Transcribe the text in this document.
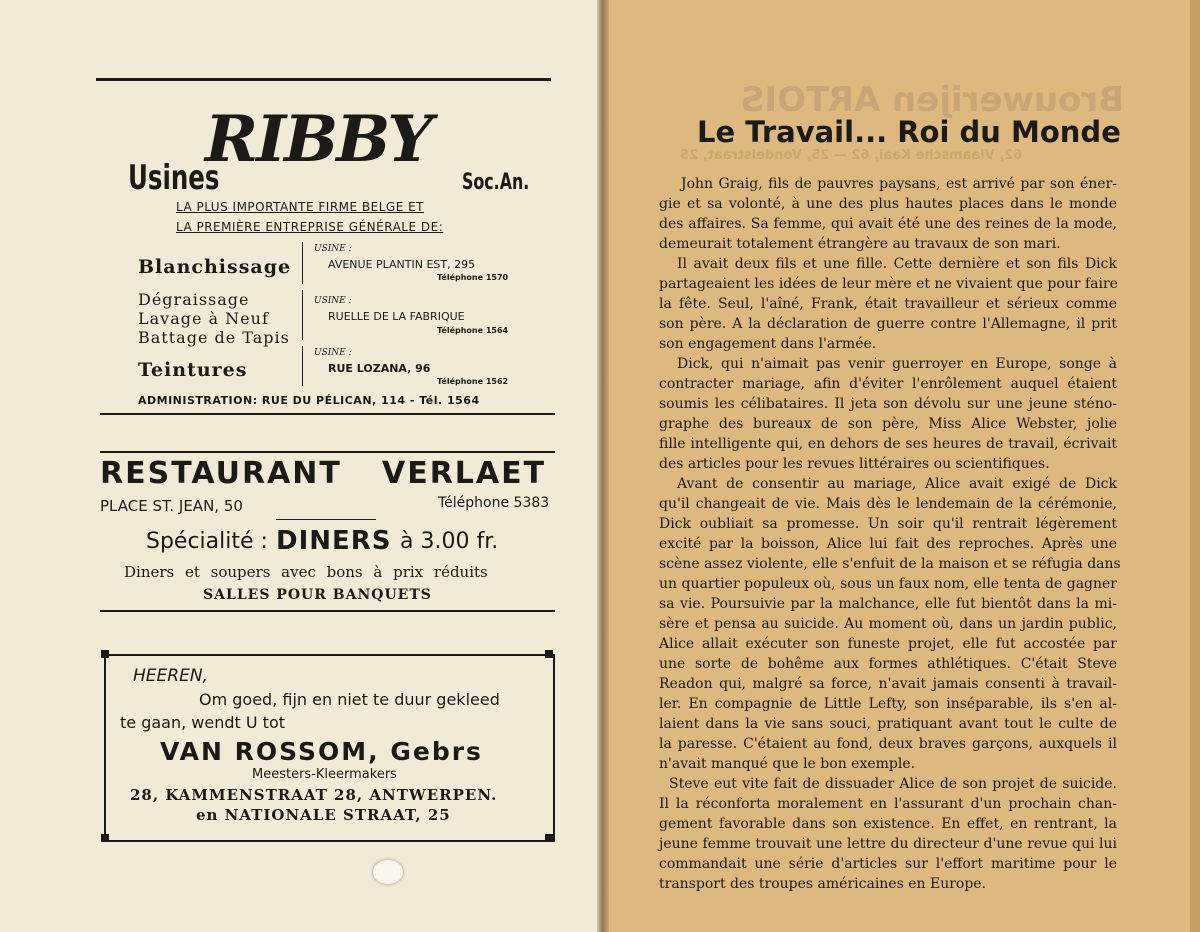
Usines
RIBBY
Soc.An.
LA PLUS IMPORTANTE FIRME BELGE ET
LA PREMIÈRE ENTREPRISE GÉNÉRALE DE:
Blanchissage
Dégraissage
Lavage à Neuf
Battage de Tapis
Teintures
USINE :
AVENUE PLANTIN EST, 295
Téléphone 1570
USINE :
RUELLE DE LA FABRIQUE
Téléphone 1564
USINE :
RUE LOZANA, 96
Téléphone 1562
ADMINISTRATION: RUE DU PÉLICAN, 114 - Tél. 1564
RESTAURANT VERLAET
PLACE ST. JEAN, 50	Téléphone 5383
Spécialité : DINERS à 3.00 fr.
Diners et soupers avec bons à prix réduits
SALLES POUR BANQUETS
HEEREN,
Om goed, fijn en niet te duur gekleed
te gaan, wendt U tot
VAN ROSSOM, Gebrs
Meesters-Kleermakers
28, KAMMENSTRAAT 28, ANTWERPEN.
en NATIONALE STRAAT, 25
Brouwerijen ARTOIS
62, Vlaamsche Kaai, 62 — 25, Vondelstraat, 25
Le Travail... Roi du Monde
John Graig, fils de pauvres paysans, est arrivé par son éner-
gie et sa volonté, à une des plus hautes places dans le monde
des affaires. Sa femme, qui avait été une des reines de la mode,
demeurait totalement étrangère au travaux de son mari.
Il avait deux fils et une fille. Cette dernière et son fils Dick
partageaient les idées de leur mère et ne vivaient que pour faire
la fête. Seul, l'aîné, Frank, était travailleur et sérieux comme
son père. A la déclaration de guerre contre l'Allemagne, il prit
son engagement dans l'armée.
Dick, qui n'aimait pas venir guerroyer en Europe, songe à
contracter mariage, afin d'éviter l'enrôlement auquel étaient
soumis les célibataires. Il jeta son dévolu sur une jeune sténo-
graphe des bureaux de son père, Miss Alice Webster, jolie
fille intelligente qui, en dehors de ses heures de travail, écrivait
des articles pour les revues littéraires ou scientifiques.
Avant de consentir au mariage, Alice avait exigé de Dick
qu'il changeait de vie. Mais dès le lendemain de la cérémonie,
Dick oubliait sa promesse. Un soir qu'il rentrait légèrement
excité par la boisson, Alice lui fait des reproches. Après une
scène assez violente, elle s'enfuit de la maison et se réfugia dans
un quartier populeux où, sous un faux nom, elle tenta de gagner
sa vie. Poursuivie par la malchance, elle fut bientôt dans la mi-
sère et pensa au suicide. Au moment où, dans un jardin public,
Alice allait exécuter son funeste projet, elle fut accostée par
une sorte de bohême aux formes athlétiques. C'était Steve
Readon qui, malgré sa force, n'avait jamais consenti à travail-
ler. En compagnie de Little Lefty, son inséparable, ils s'en al-
laient dans la vie sans souci, pratiquant avant tout le culte de
la paresse. C'étaient au fond, deux braves garçons, auxquels il
n'avait manqué que le bon exemple.
Steve eut vite fait de dissuader Alice de son projet de suicide.
Il la réconforta moralement en l'assurant d'un prochain chan-
gement favorable dans son existence. En effet, en rentrant, la
jeune femme trouvait une lettre du directeur d'une revue qui lui
commandait une série d'articles sur l'effort maritime pour le
transport des troupes américaines en Europe.
